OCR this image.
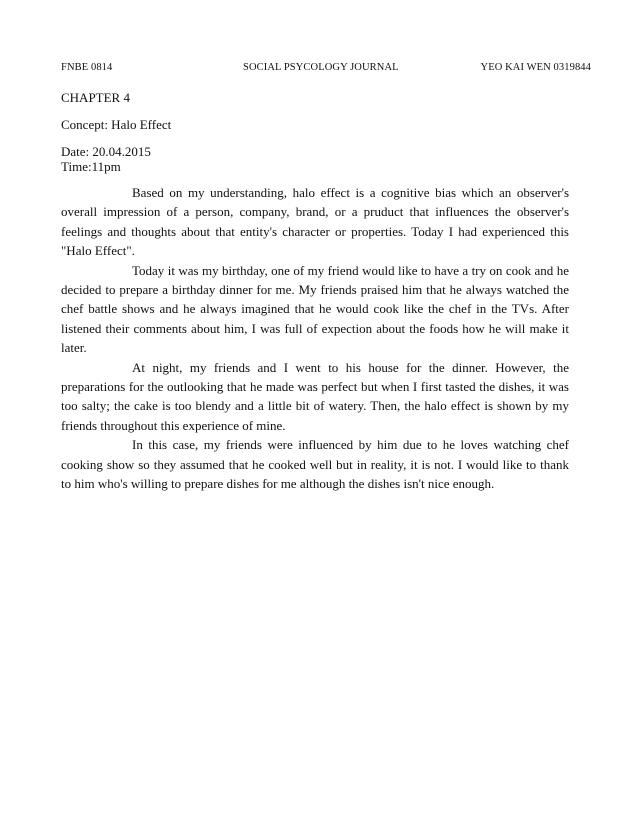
FNBE 0814	SOCIAL PSYCOLOGY JOURNAL	YEO KAI WEN 0319844
CHAPTER 4
Concept: Halo Effect
Date: 20.04.2015
Time:11pm

Based on my understanding, halo effect is a cognitive bias which an observer's overall impression of a person, company, brand, or a pruduct that influences the observer's feelings and thoughts about that entity's character or properties. Today I had experienced this "Halo Effect".

Today it was my birthday, one of my friend would like to have a try on cook and he decided to prepare a birthday dinner for me. My friends praised him that he always watched the chef battle shows and he always imagined that he would cook like the chef in the TVs. After listened their comments about him, I was full of expection about the foods how he will make it later.

At night, my friends and I went to his house for the dinner. However, the preparations for the outlooking that he made was perfect but when I first tasted the dishes, it was too salty; the cake is too blendy and a little bit of watery. Then, the halo effect is shown by my friends throughout this experience of mine.

In this case, my friends were influenced by him due to he loves watching chef cooking show so they assumed that he cooked well but in reality, it is not. I would like to thank to him who's willing to prepare dishes for me although the dishes isn't nice enough.
